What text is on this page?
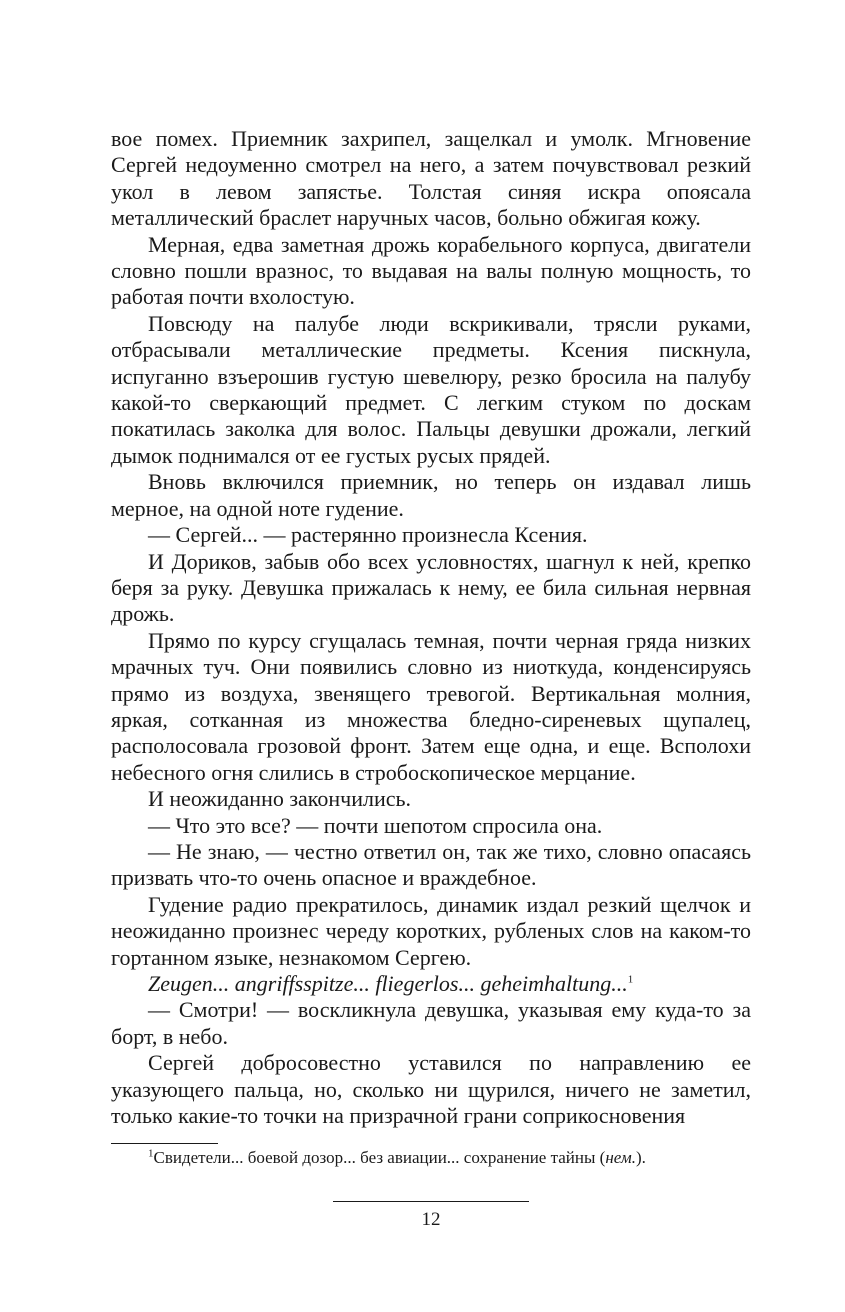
вое помех. Приемник захрипел, защелкал и умолк. Мгновение Сергей недоуменно смотрел на него, а затем почувствовал резкий укол в левом запястье. Толстая синяя искра опоясала металлический браслет наручных часов, больно обжигая кожу.

Мерная, едва заметная дрожь корабельного корпуса, двигатели словно пошли вразнос, то выдавая на валы полную мощность, то работая почти вхолостую.

Повсюду на палубе люди вскрикивали, трясли руками, отбрасывали металлические предметы. Ксения пискнула, испуганно взъерошив густую шевелюру, резко бросила на палубу какой-то сверкающий предмет. С легким стуком по доскам покатилась заколка для волос. Пальцы девушки дрожали, легкий дымок поднимался от ее густых русых прядей.

Вновь включился приемник, но теперь он издавал лишь мерное, на одной ноте гудение.

— Сергей... — растерянно произнесла Ксения.

И Дориков, забыв обо всех условностях, шагнул к ней, крепко беря за руку. Девушка прижалась к нему, ее била сильная нервная дрожь.

Прямо по курсу сгущалась темная, почти черная гряда низких мрачных туч. Они появились словно из ниоткуда, конденсируясь прямо из воздуха, звенящего тревогой. Вертикальная молния, яркая, сотканная из множества бледно-сиреневых щупалец, располосовала грозовой фронт. Затем еще одна, и еще. Всполохи небесного огня слились в стробоскопическое мерцание.

И неожиданно закончились.

— Что это все? — почти шепотом спросила она.

— Не знаю, — честно ответил он, так же тихо, словно опасаясь призвать что-то очень опасное и враждебное.

Гудение радио прекратилось, динамик издал резкий щелчок и неожиданно произнес череду коротких, рубленых слов на каком-то гортанном языке, незнакомом Сергею.

Zeugen... angriffsspitze... fliegerlos... geheimhaltung...$^1$

— Смотри! — воскликнула девушка, указывая ему куда-то за борт, в небо.

Сергей добросовестно уставился по направлению ее указующего пальца, но, сколько ни щурился, ничего не заметил, только какие-то точки на призрачной грани соприкосновения

$^1$Свидетели... боевой дозор... без авиации... сохранение тайны (нем.).
12
